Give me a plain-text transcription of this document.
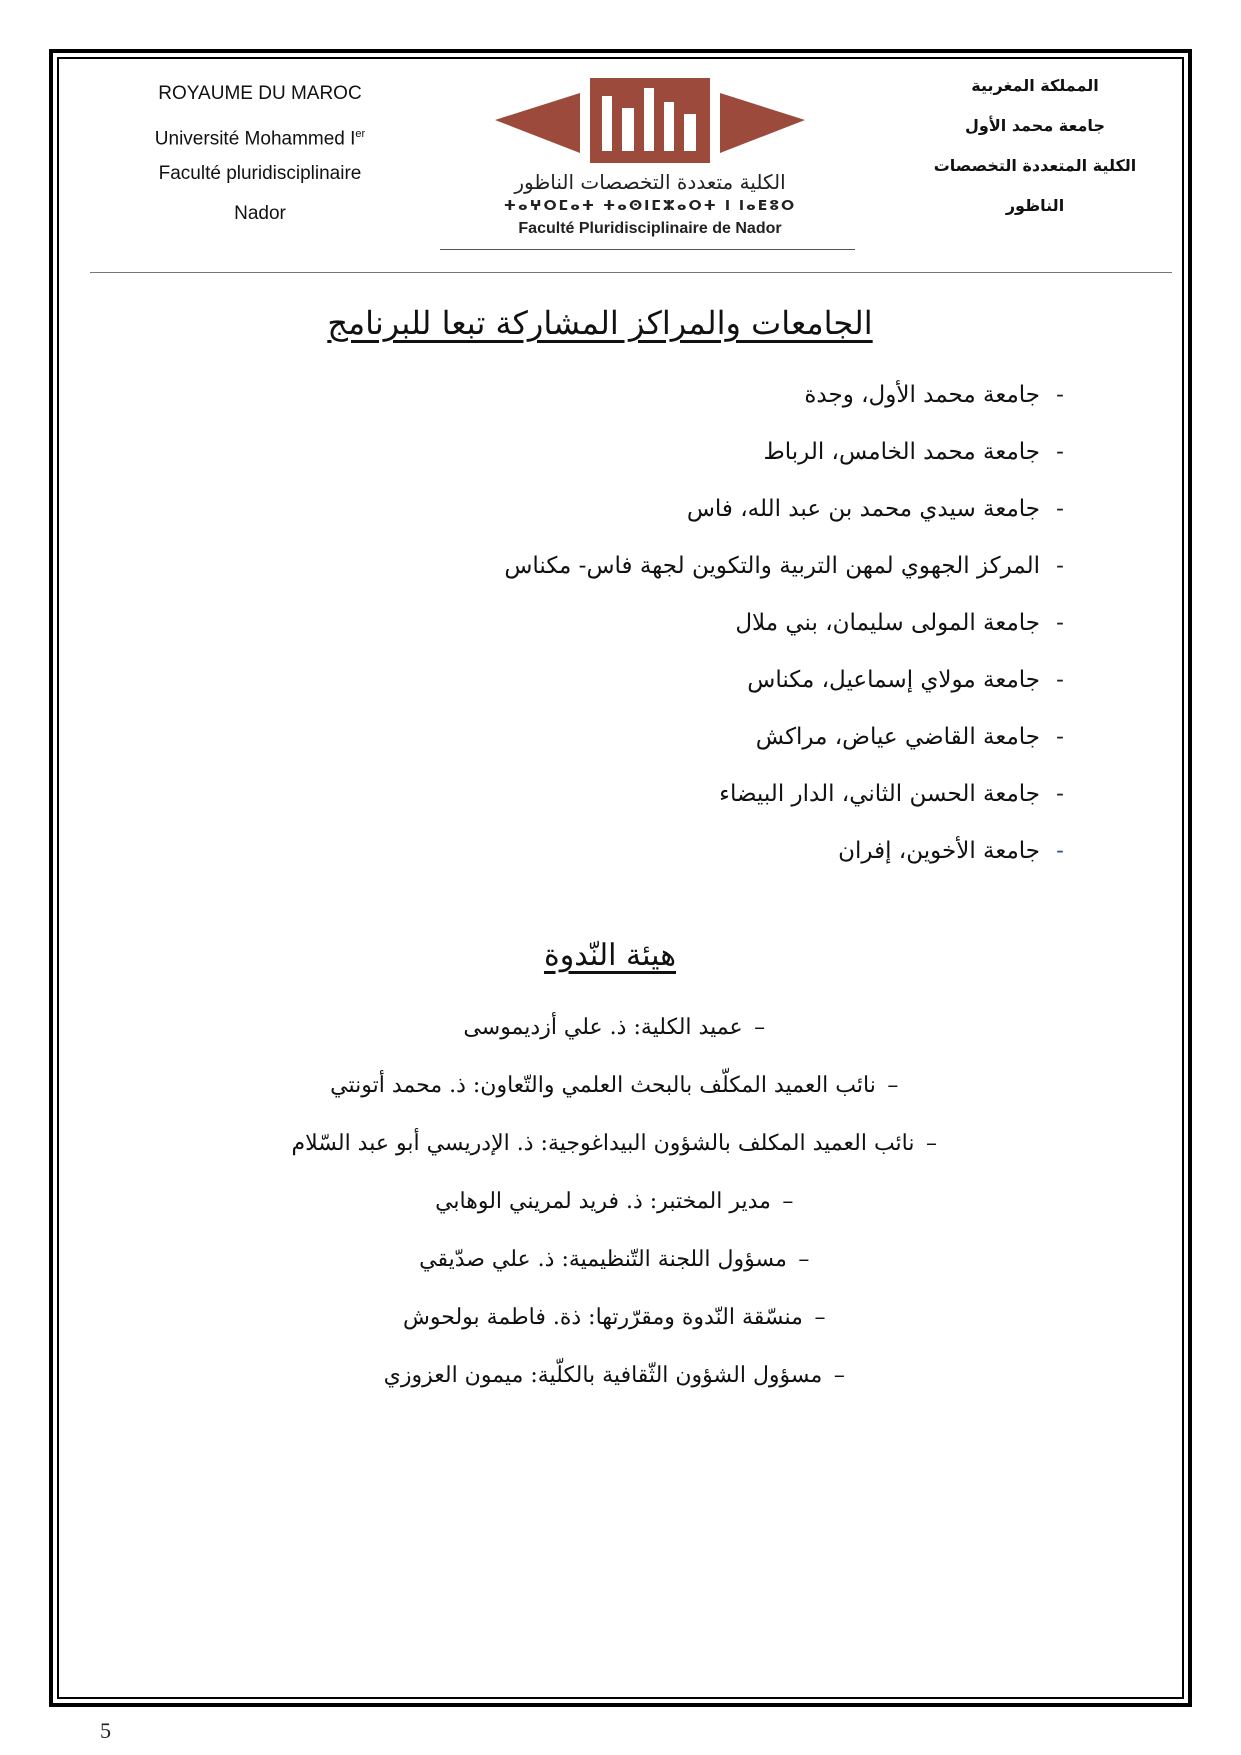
ROYAUME DU MAROC
Université Mohammed Ier
Faculté pluridisciplinaire
Nador
المملكة المغربية
جامعة محمد الأول
الكلية المتعددة التخصصات
الناظور
الكلية متعددة التخصصات الناظور
ⵜⴰⵖⵔⵎⴰⵜ ⵜⴰⵙⵏⵎⵣⴰⵔⵜ ⵏ ⵏⴰⴹⵓⵔ
Faculté Pluridisciplinaire de Nador
الجامعات والمراكز المشاركة تبعا للبرنامج
-جامعة محمد الأول، وجدة
-جامعة محمد الخامس، الرباط
-جامعة سيدي محمد بن عبد الله، فاس
-المركز الجهوي لمهن التربية والتكوين لجهة فاس- مكناس
-جامعة المولى سليمان، بني ملال
-جامعة مولاي إسماعيل، مكناس
-جامعة القاضي عياض، مراكش
-جامعة الحسن الثاني، الدار البيضاء
-جامعة الأخوين، إفران
هيئة النّدوة
–عميد الكلية: ذ. علي أزديموسى
–نائب العميد المكلّف بالبحث العلمي والتّعاون: ذ. محمد أتونتي
–نائب العميد المكلف بالشؤون البيداغوجية: ذ. الإدريسي أبو عبد السّلام
–مدير المختبر: ذ. فريد لمريني الوهابي
–مسؤول اللجنة التّنظيمية: ذ. علي صدّيقي
–منسّقة النّدوة ومقرّرتها: ذة. فاطمة بولحوش
–مسؤول الشؤون الثّقافية بالكلّية: ميمون العزوزي
5
